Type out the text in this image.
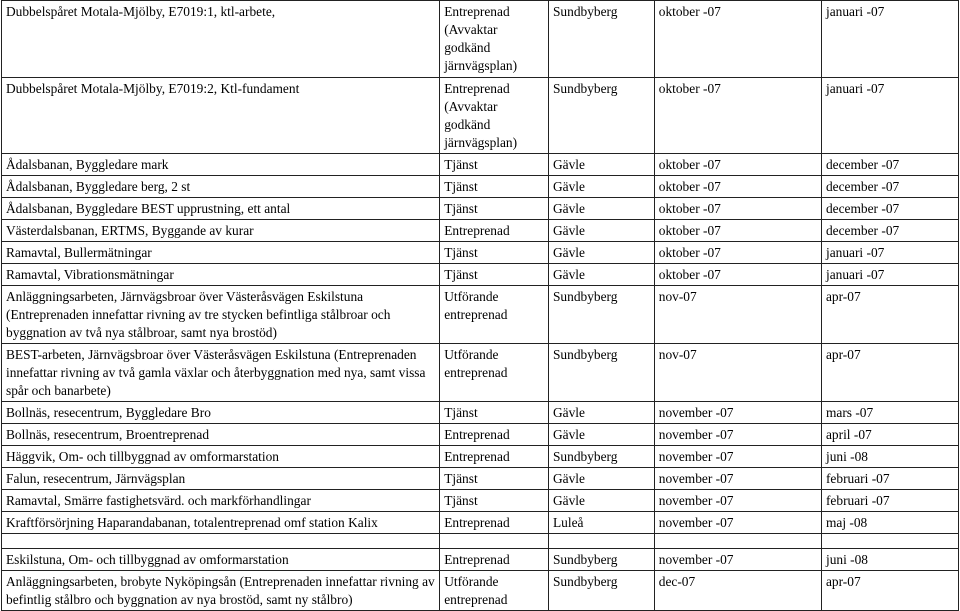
Dubbelspåret Motala-Mjölby, E7019:1, ktl-arbete,	Entreprenad (Avvaktar godkänd järnvägsplan)	Sundbyberg	oktober -07	januari -07
Dubbelspåret Motala-Mjölby, E7019:2, Ktl-fundament	Entreprenad (Avvaktar godkänd järnvägsplan)	Sundbyberg	oktober -07	januari -07
Ådalsbanan, Byggledare mark	Tjänst	Gävle	oktober -07	december -07
Ådalsbanan, Byggledare berg, 2 st	Tjänst	Gävle	oktober -07	december -07
Ådalsbanan, Byggledare BEST upprustning, ett antal	Tjänst	Gävle	oktober -07	december -07
Västerdalsbanan, ERTMS, Byggande av kurar	Entreprenad	Gävle	oktober -07	december -07
Ramavtal, Bullermätningar	Tjänst	Gävle	oktober -07	januari -07
Ramavtal, Vibrationsmätningar	Tjänst	Gävle	oktober -07	januari -07
Anläggningsarbeten, Järnvägsbroar över Västeråsvägen Eskilstuna (Entreprenaden innefattar rivning av tre stycken befintliga stålbroar och byggnation av två nya stålbroar, samt nya brostöd)	Utförande entreprenad	Sundbyberg	nov-07	apr-07
BEST-arbeten, Järnvägsbroar över Västeråsvägen Eskilstuna (Entreprenaden innefattar rivning av två gamla växlar och återbyggnation med nya, samt vissa spår och banarbete)	Utförande entreprenad	Sundbyberg	nov-07	apr-07
Bollnäs, resecentrum, Byggledare Bro	Tjänst	Gävle	november -07	mars -07
Bollnäs, resecentrum, Broentreprenad	Entreprenad	Gävle	november -07	april -07
Häggvik, Om- och tillbyggnad av omformarstation	Entreprenad	Sundbyberg	november -07	juni -08
Falun, resecentrum, Järnvägsplan	Tjänst	Gävle	november -07	februari -07
Ramavtal, Smärre fastighetsvärd. och markförhandlingar	Tjänst	Gävle	november -07	februari -07
Kraftförsörjning Haparandabanan, totalentreprenad omf station Kalix	Entreprenad	Luleå	november -07	maj -08

Eskilstuna, Om- och tillbyggnad av omformarstation	Entreprenad	Sundbyberg	november -07	juni -08
Anläggningsarbeten, brobyte Nyköpingsån (Entreprenaden innefattar rivning av befintlig stålbro och byggnation av nya brostöd, samt ny stålbro)	Utförande entreprenad	Sundbyberg	dec-07	apr-07
